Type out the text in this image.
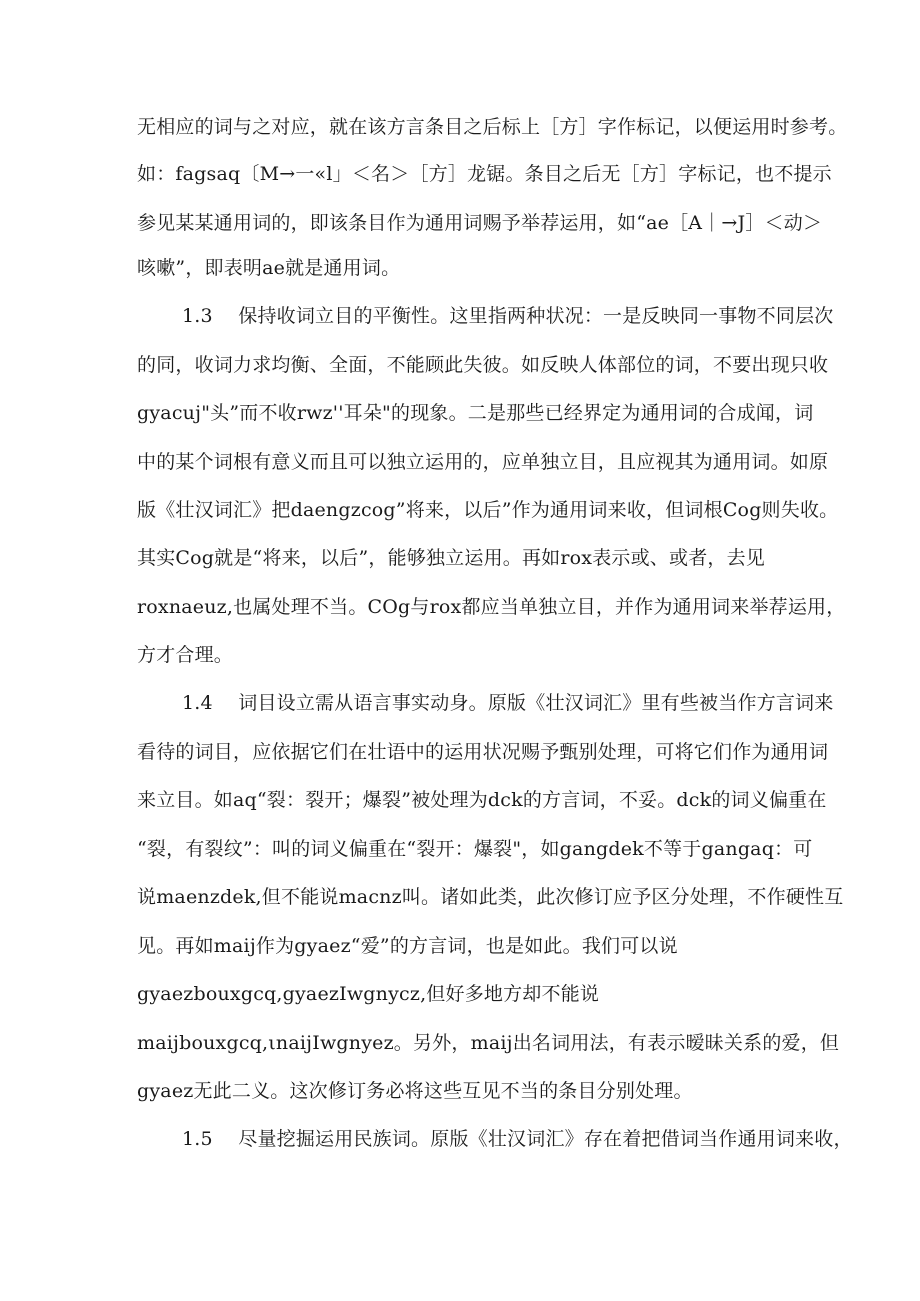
无相应的词与之对应，就在该方言条目之后标上［方］字作标记，以便运用时参考。
如：fagsaq〔M→一«l」＜名＞［方］龙锯。条目之后无［方］字标记，也不提示
参见某某通用词的，即该条目作为通用词赐予举荐运用，如“ae［A｜→J］＜动＞
咳嗽”，即表明ae就是通用词。
1.3　 保持收词立目的平衡性。这里指两种状况：一是反映同一事物不同层次
的同，收词力求均衡、全面，不能顾此失彼。如反映人体部位的词，不要出现只收
gyacuj"头”而不收rwz''耳朵"的现象。二是那些已经界定为通用词的合成闻，词
中的某个词根有意义而且可以独立运用的，应单独立目，且应视其为通用词。如原
版《壮汉词汇》把daengzcog”将来，以后”作为通用词来收，但词根Cog则失收。
其实Cog就是“将来，以后”，能够独立运用。再如rox表示或、或者，去见
roxnaeuz,也属处理不当。COg与rox都应当单独立目，并作为通用词来举荐运用，
方才合理。
1.4　 词目设立需从语言事实动身。原版《壮汉词汇》里有些被当作方言词来
看待的词目，应依据它们在壮语中的运用状况赐予甄别处理，可将它们作为通用词
来立目。如aq“裂：裂开；爆裂”被处理为dck的方言词，不妥。dck的词义偏重在
“裂，有裂纹”：叫的词义偏重在“裂开：爆裂"，如gangdek不等于gangaq：可
说maenzdek,但不能说macnz叫。诸如此类，此次修订应予区分处理，不作硬性互
见。再如maij作为gyaez“爱”的方言词，也是如此。我们可以说
gyaezbouxgcq,gyaezIwgnycz,但好多地方却不能说
maijbouxgcq,ιnaijIwgnyez。另外，maij出名词用法，有表示暧昧关系的爱，但
gyaez无此二义。这次修订务必将这些互见不当的条目分别处理。
1.5　 尽量挖掘运用民族词。原版《壮汉词汇》存在着把借词当作通用词来收，
